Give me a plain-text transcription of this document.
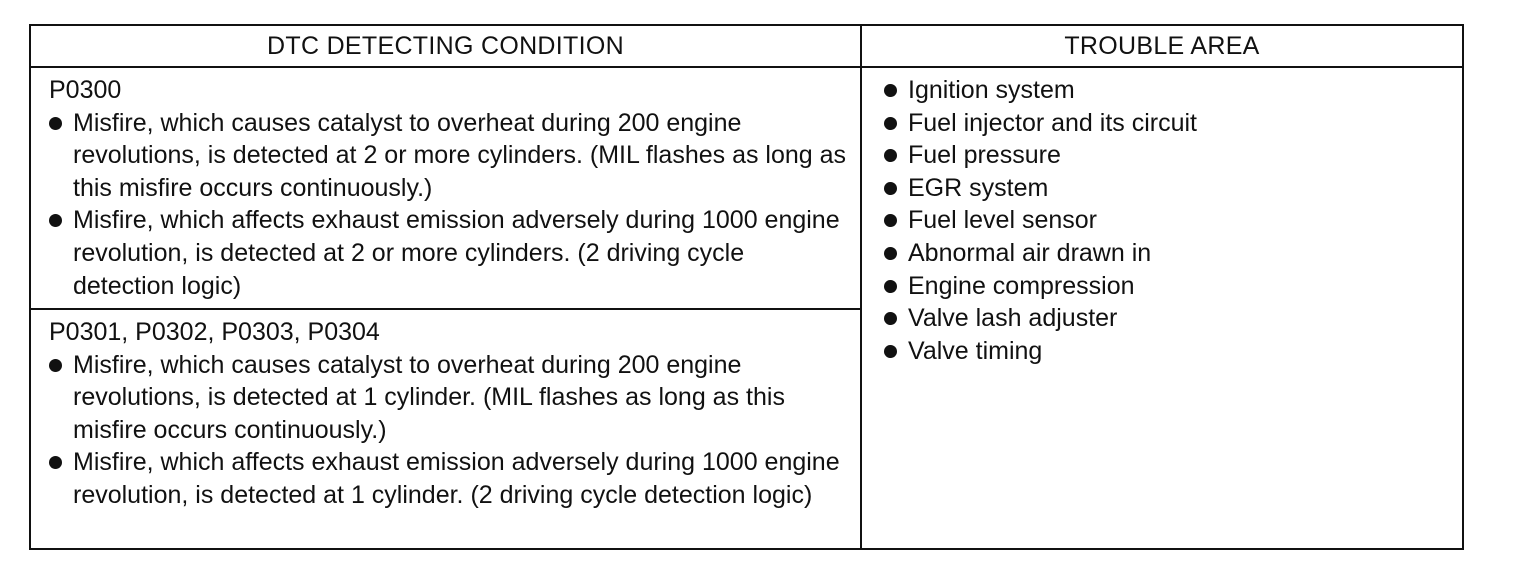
DTC DETECTING CONDITION
P0300
Misfire, which causes catalyst to overheat during 200 engine revolutions, is detected at 2 or more cylinders. (MIL flashes as long as this misfire occurs continuously.)
Misfire, which affects exhaust emission adversely during 1000 engine revolution, is detected at 2 or more cylinders. (2 driving cycle detection logic)
P0301, P0302, P0303, P0304
Misfire, which causes catalyst to overheat during 200 engine revolutions, is detected at 1 cylinder. (MIL flashes as long as this misfire occurs continuously.)
Misfire, which affects exhaust emission adversely during 1000 engine revolution, is detected at 1 cylinder. (2 driving cycle detection logic)
TROUBLE AREA
Ignition system
Fuel injector and its circuit
Fuel pressure
EGR system
Fuel level sensor
Abnormal air drawn in
Engine compression
Valve lash adjuster
Valve timing
